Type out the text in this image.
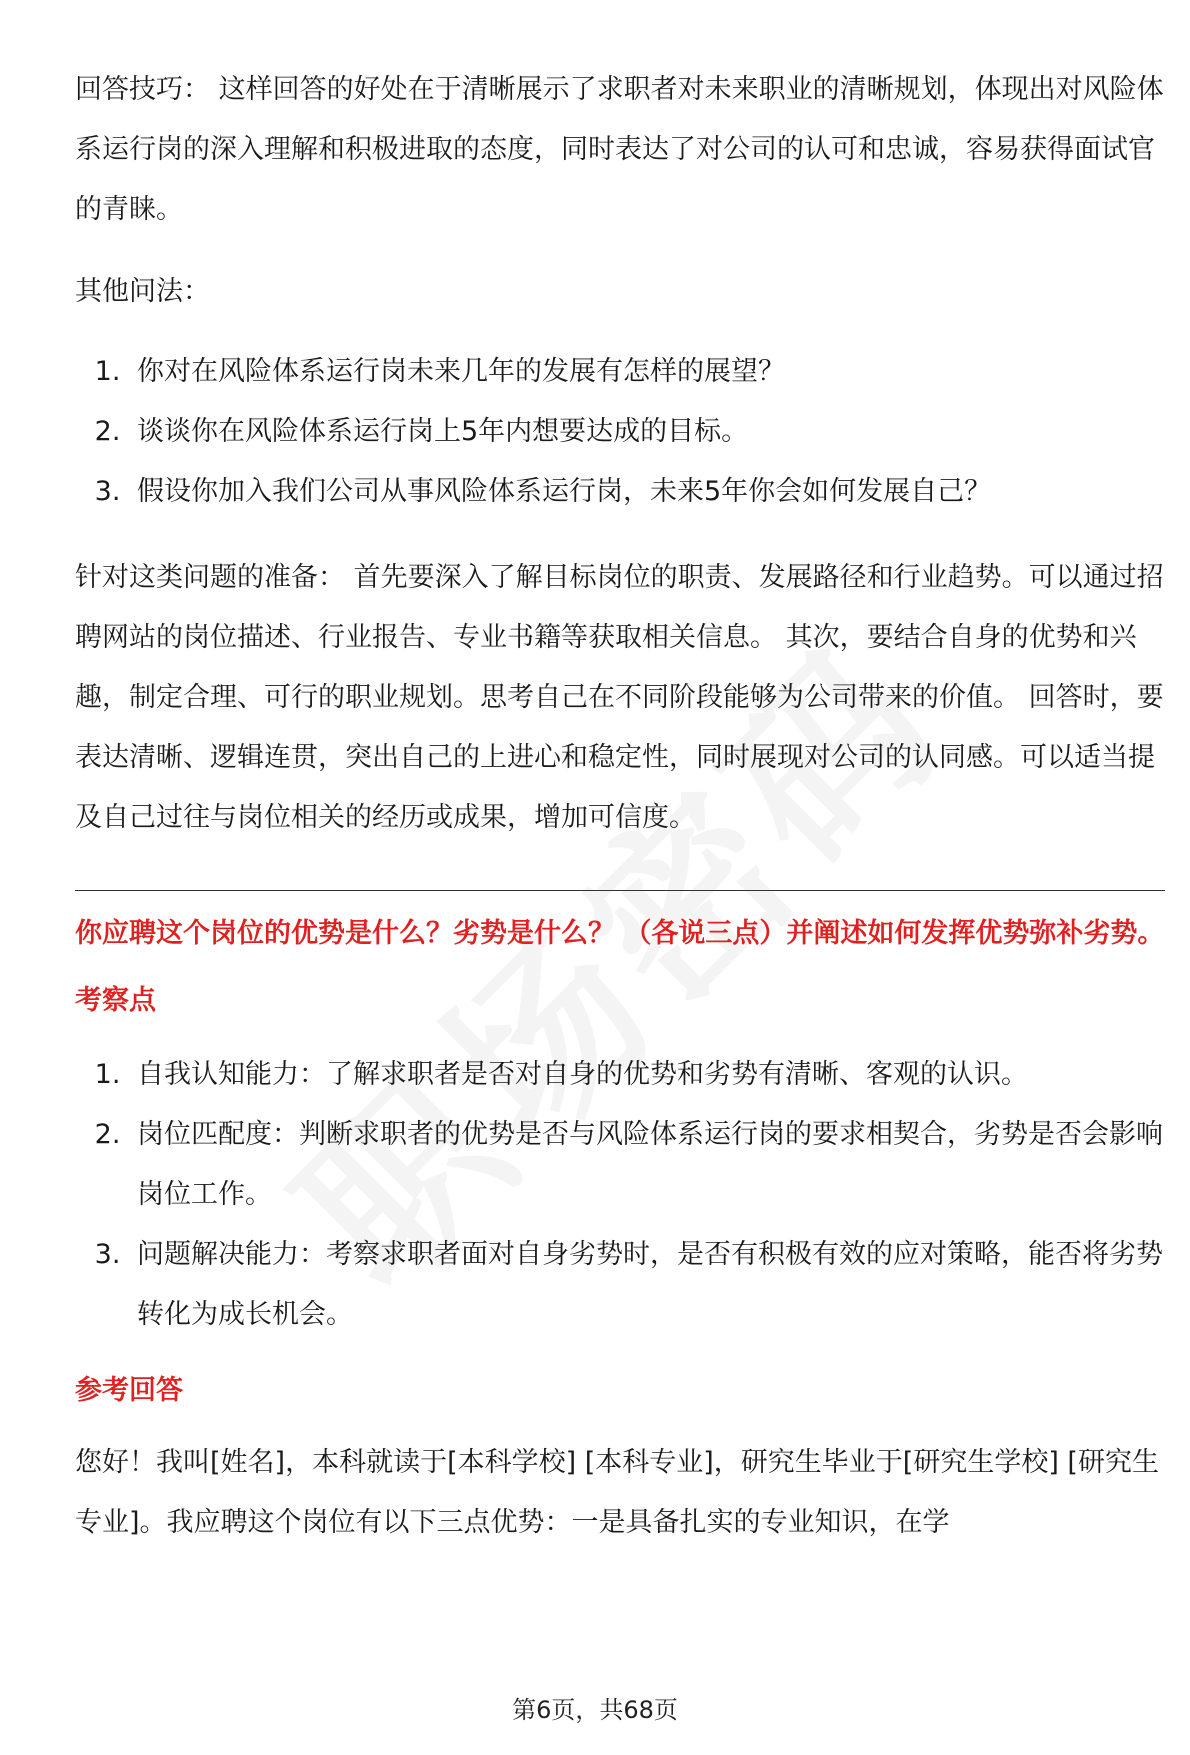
回答技巧： 这样回答的好处在于清晰展示了求职者对未来职业的清晰规划，体现出对风险体系运行岗的深入理解和积极进取的态度，同时表达了对公司的认可和忠诚，容易获得面试官的青睐。

其他问法：

1. 你对在风险体系运行岗未来几年的发展有怎样的展望？
2. 谈谈你在风险体系运行岗上5年内想要达成的目标。
3. 假设你加入我们公司从事风险体系运行岗，未来5年你会如何发展自己？

针对这类问题的准备： 首先要深入了解目标岗位的职责、发展路径和行业趋势。可以通过招聘网站的岗位描述、行业报告、专业书籍等获取相关信息。 其次，要结合自身的优势和兴趣，制定合理、可行的职业规划。思考自己在不同阶段能够为公司带来的价值。 回答时，要表达清晰、逻辑连贯，突出自己的上进心和稳定性，同时展现对公司的认同感。可以适当提及自己过往与岗位相关的经历或成果，增加可信度。

你应聘这个岗位的优势是什么？劣势是什么？ （各说三点）并阐述如何发挥优势弥补劣势。
考察点
1. 自我认知能力：了解求职者是否对自身的优势和劣势有清晰、客观的认识。
2. 岗位匹配度：判断求职者的优势是否与风险体系运行岗的要求相契合，劣势是否会影响岗位工作。
3. 问题解决能力：考察求职者面对自身劣势时，是否有积极有效的应对策略，能否将劣势转化为成长机会。
参考回答

您好！我叫[姓名]，本科就读于[本科学校] [本科专业]，研究生毕业于[研究生学校] [研究生专业]。我应聘这个岗位有以下三点优势：一是具备扎实的专业知识，在学

第6页，共68页
